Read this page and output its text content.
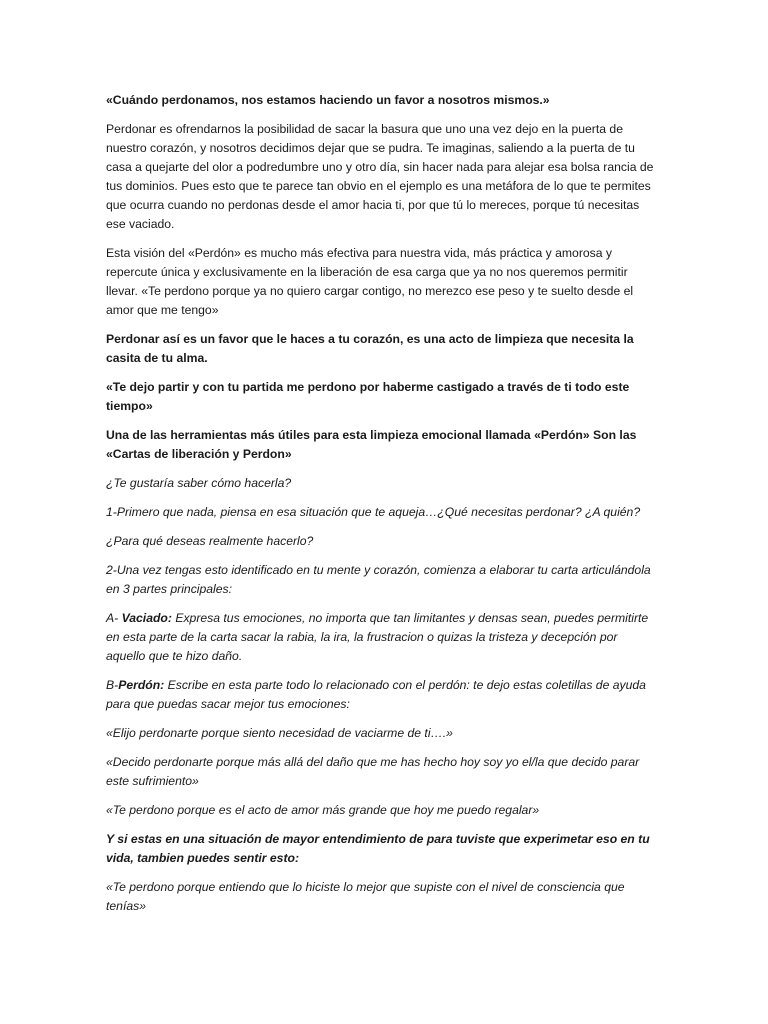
«Cuándo perdonamos, nos estamos haciendo un favor a nosotros mismos.»

Perdonar es ofrendarnos la posibilidad de sacar la basura que uno una vez dejo en la puerta de nuestro corazón, y nosotros decidimos dejar que se pudra. Te imaginas, saliendo a la puerta de tu casa a quejarte del olor a podredumbre uno y otro día, sin hacer nada para alejar esa bolsa rancia de tus dominios. Pues esto que te parece tan obvio en el ejemplo es una metáfora de lo que te permites que ocurra cuando no perdonas desde el amor hacia ti, por que tú lo mereces, porque tú necesitas ese vaciado.

Esta visión del «Perdón» es mucho más efectiva para nuestra vida, más práctica y amorosa y repercute única y exclusivamente en la liberación de esa carga que ya no nos queremos permitir llevar. «Te perdono porque ya no quiero cargar contigo, no merezco ese peso y te suelto desde el amor que me tengo»

Perdonar así es un favor que le haces a tu corazón, es una acto de limpieza que necesita la casita de tu alma.

«Te dejo partir y con tu partida me perdono por haberme castigado a través de ti todo este tiempo»

Una de las herramientas más útiles para esta limpieza emocional llamada «Perdón» Son las «Cartas de liberación y Perdon»

¿Te gustaría saber cómo hacerla?

1-Primero que nada, piensa en esa situación que te aqueja…¿Qué necesitas perdonar? ¿A quién?

¿Para qué deseas realmente hacerlo?

2-Una vez tengas esto identificado en tu mente y corazón, comienza a elaborar tu carta articulándola en 3 partes principales:

A- Vaciado: Expresa tus emociones, no importa que tan limitantes y densas sean, puedes permitirte en esta parte de la carta sacar la rabia, la ira, la frustracion o quizas la tristeza y decepción por aquello que te hizo daño.

B-Perdón: Escribe en esta parte todo lo relacionado con el perdón: te dejo estas coletillas de ayuda para que puedas sacar mejor tus emociones:

«Elijo perdonarte porque siento necesidad de vaciarme de ti….»

«Decido perdonarte porque más allá del daño que me has hecho hoy soy yo el/la que decido parar este sufrimiento»

«Te perdono porque es el acto de amor más grande que hoy me puedo regalar»

Y si estas en una situación de mayor entendimiento de para tuviste que experimetar eso en tu vida, tambien puedes sentir esto:

«Te perdono porque entiendo que lo hiciste lo mejor que supiste con el nivel de consciencia que tenías»
